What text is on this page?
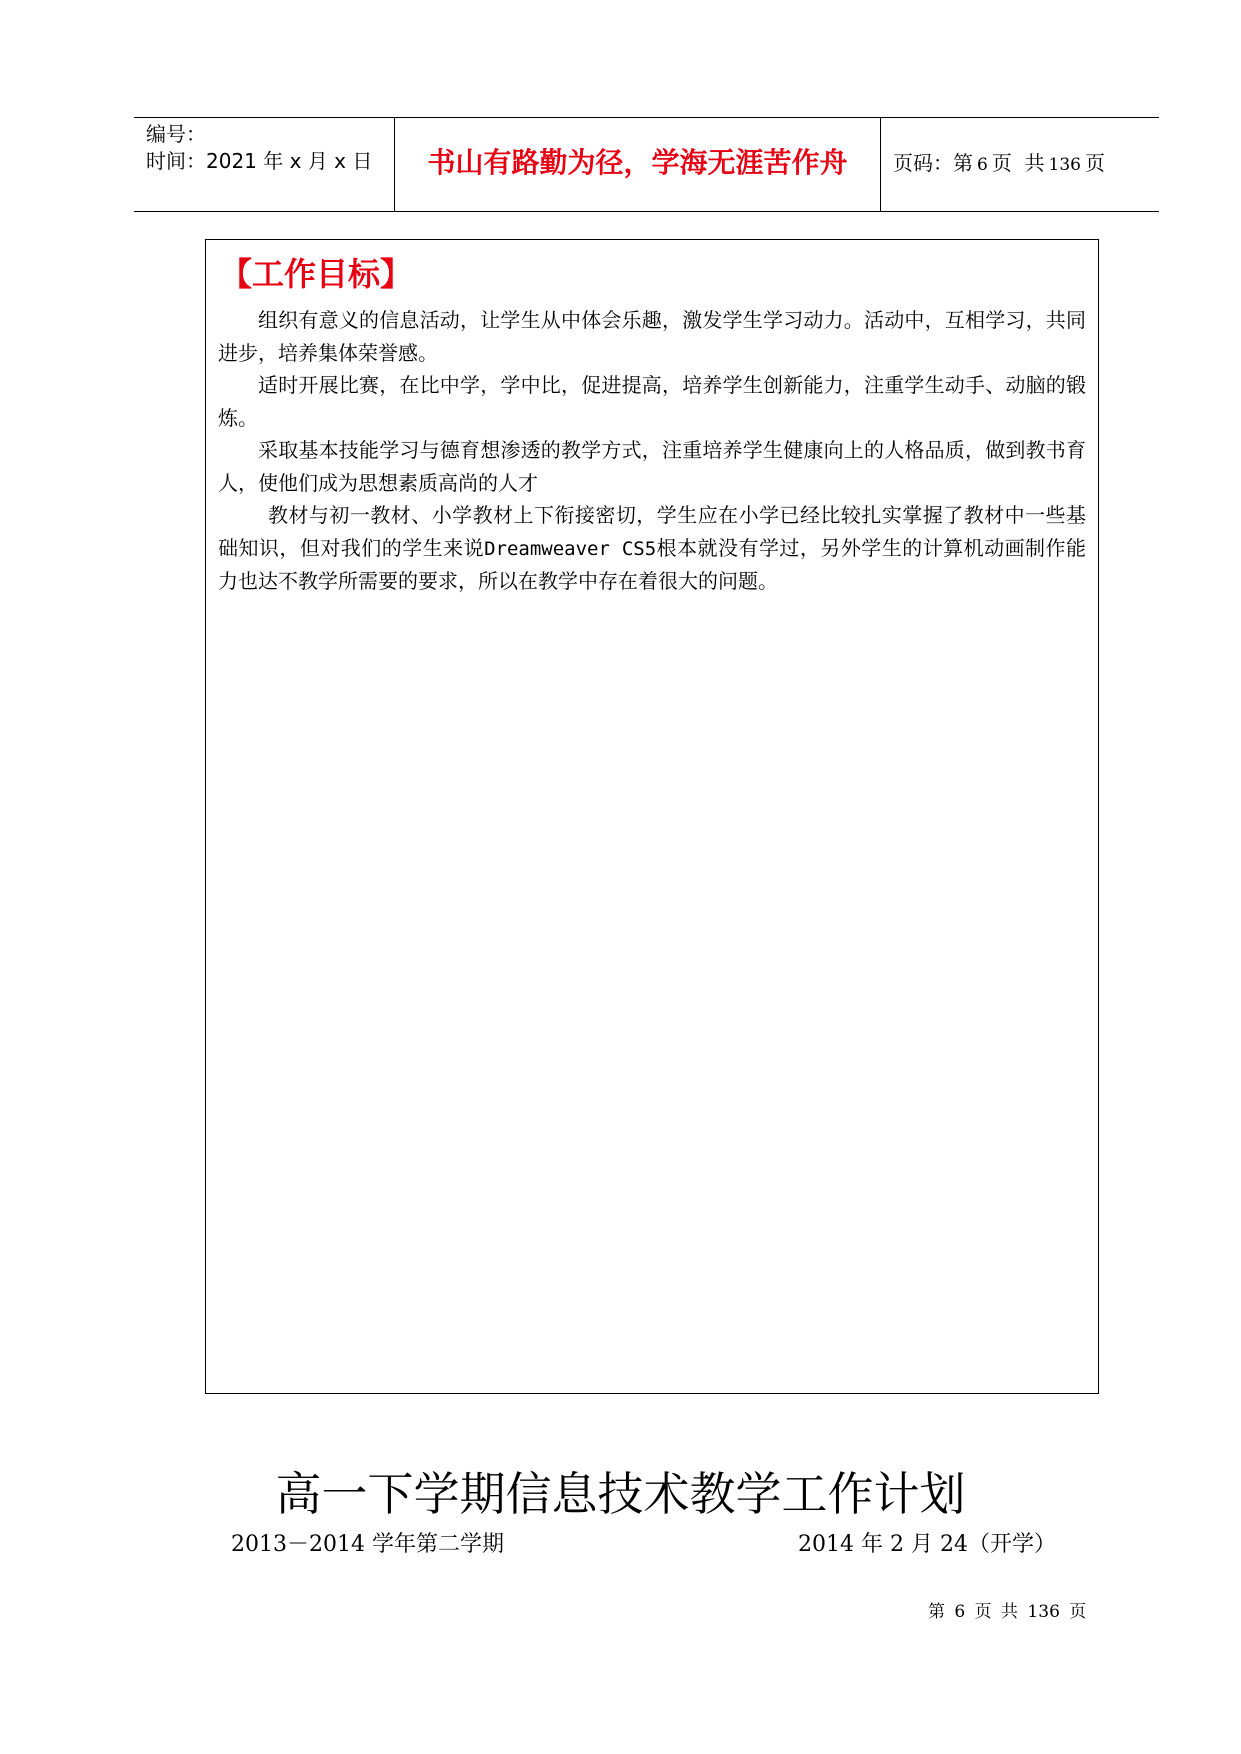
编号：
时间：2021 年 x 月 x 日	书山有路勤为径，学海无涯苦作舟	页码：第 6 页  共 136 页
【工作目标】

组织有意义的信息活动，让学生从中体会乐趣，激发学生学习动力。活动中，互相学习，共同进步，培养集体荣誉感。

适时开展比赛，在比中学，学中比，促进提高，培养学生创新能力，注重学生动手、动脑的锻炼。

采取基本技能学习与德育想渗透的教学方式，注重培养学生健康向上的人格品质，做到教书育人，使他们成为思想素质高尚的人才

教材与初一教材、小学教材上下衔接密切，学生应在小学已经比较扎实掌握了教材中一些基础知识，但对我们的学生来说Dreamweaver CS5根本就没有学过，另外学生的计算机动画制作能力也达不教学所需要的要求，所以在教学中存在着很大的问题。

高一下学期信息技术教学工作计划
2013－2014 学年第二学期	2014 年 2 月 24（开学）
第 6 页 共 136 页
